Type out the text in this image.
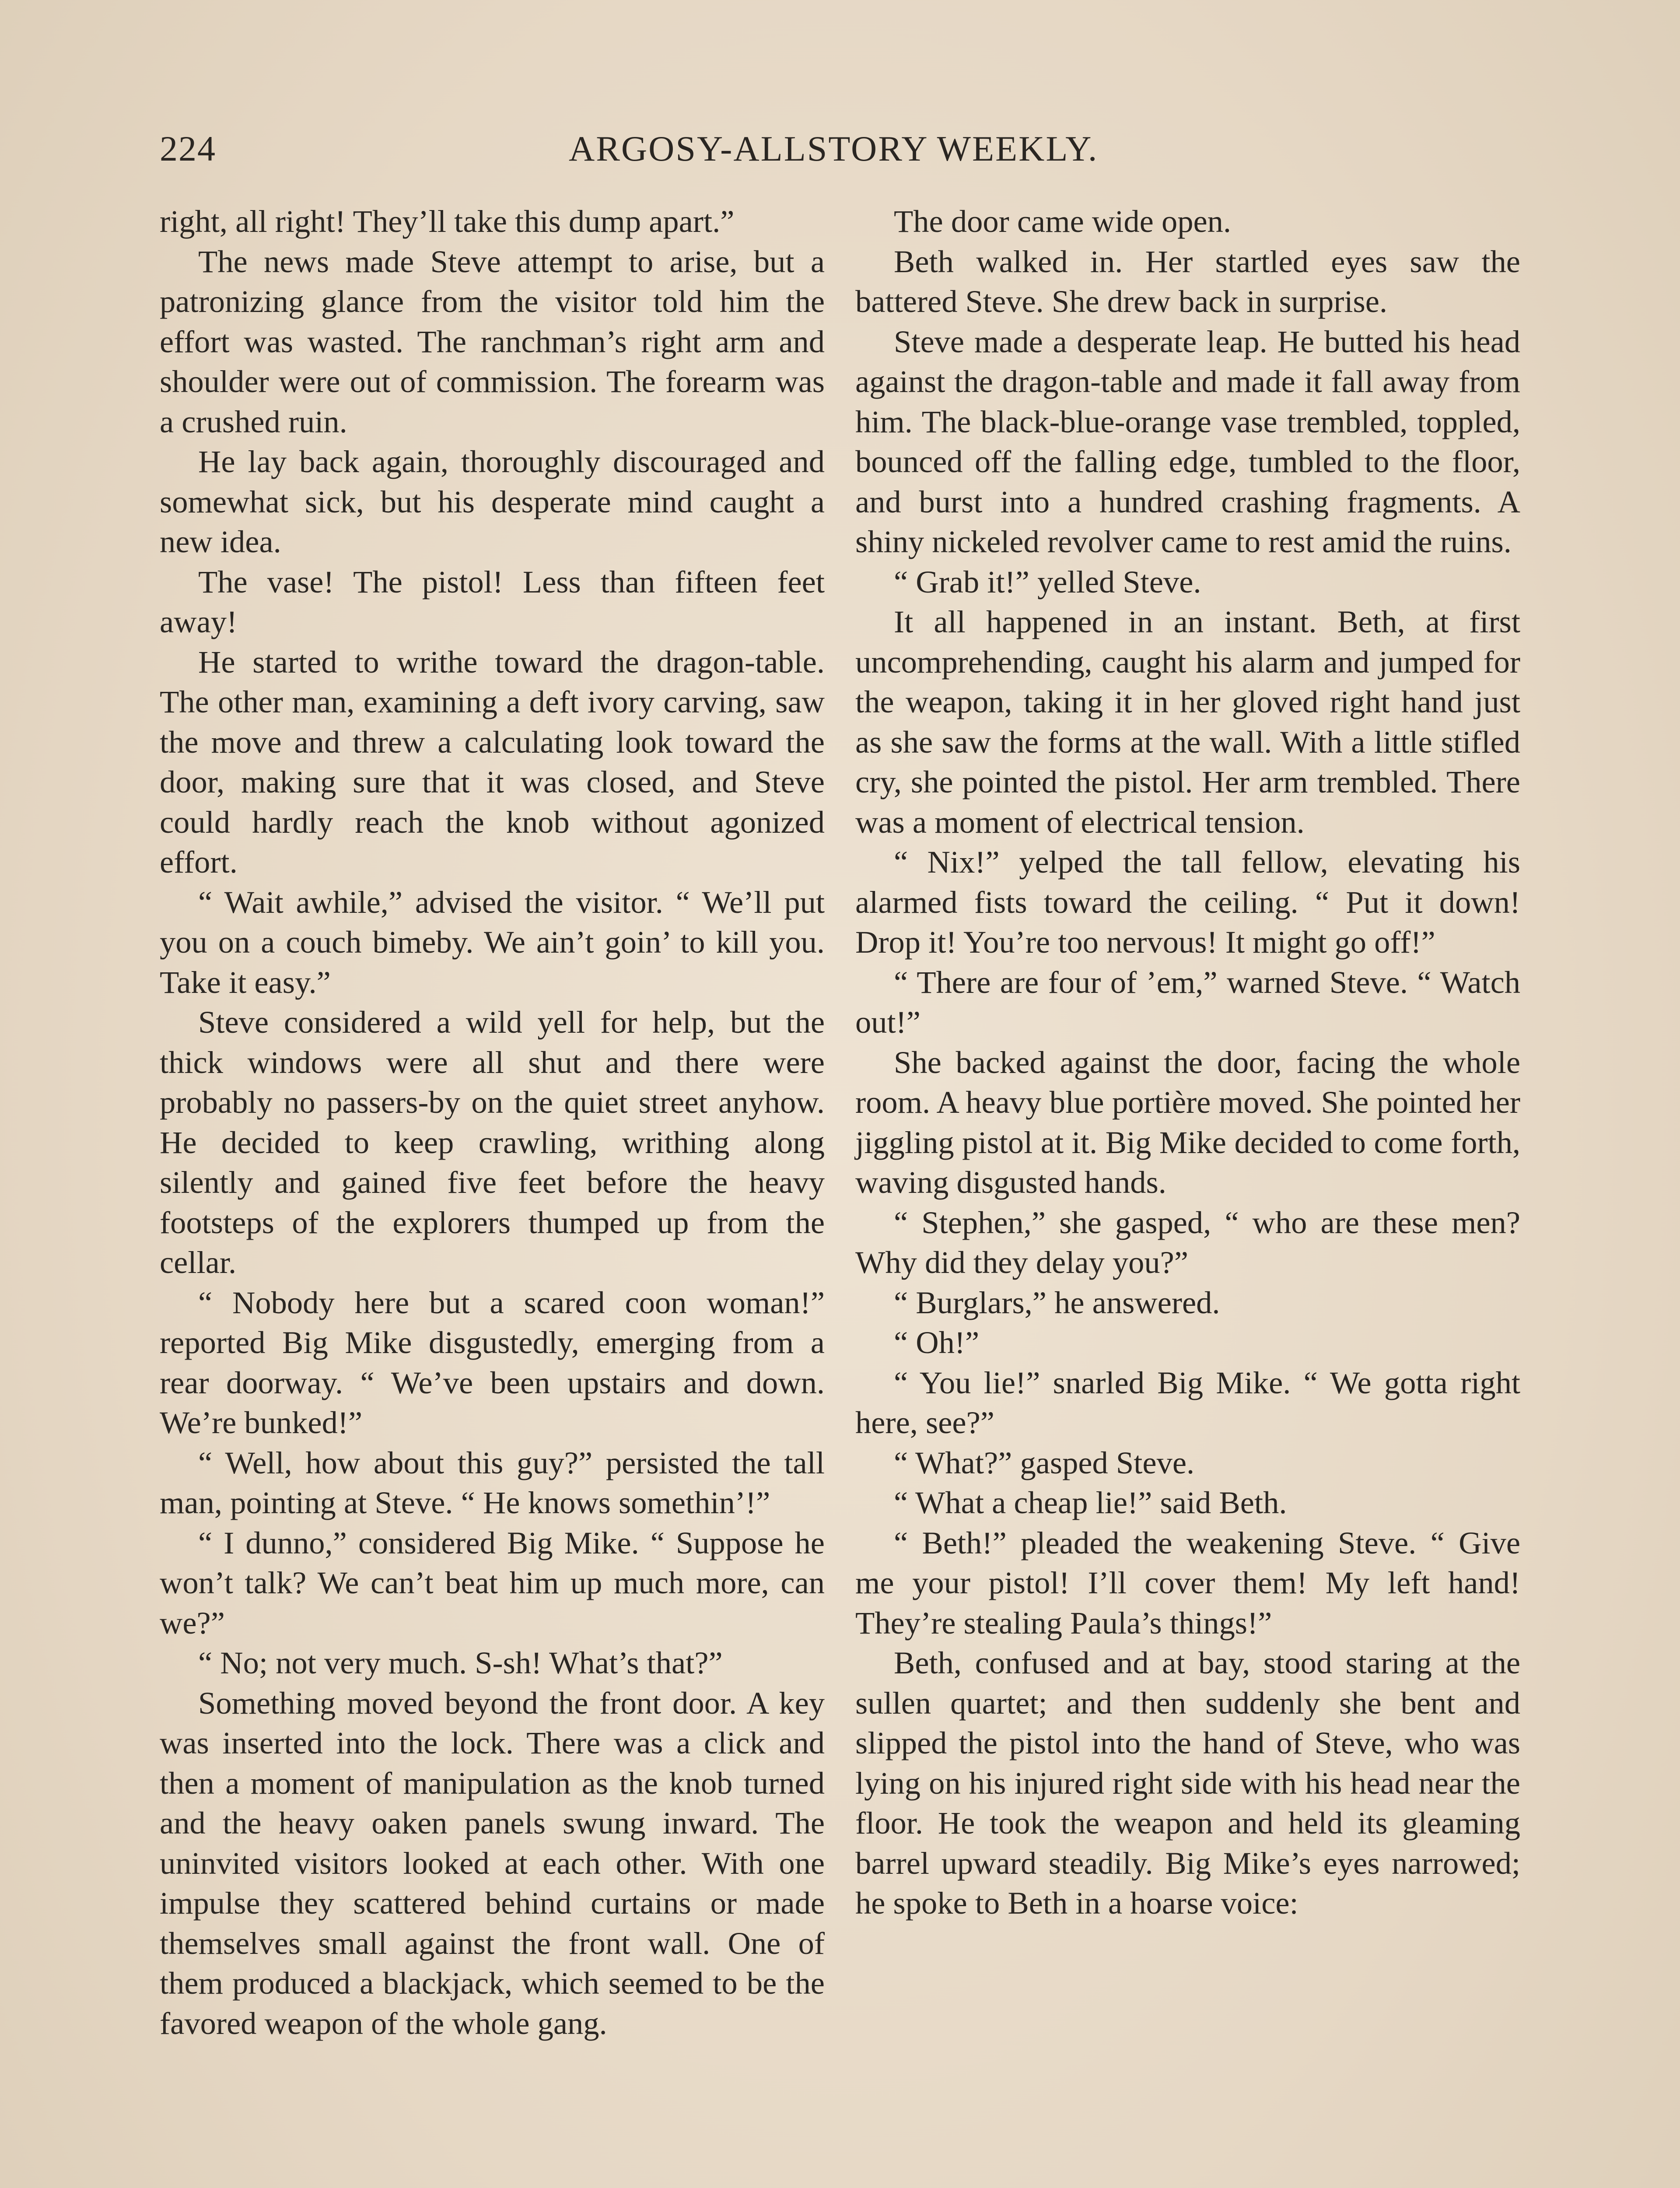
224	ARGOSY-ALLSTORY WEEKLY.

right, all right! They’ll take this dump apart.”

The news made Steve attempt to arise, but a patronizing glance from the visitor told him the effort was wasted. The ranchman’s right arm and shoulder were out of commission. The forearm was a crushed ruin.

He lay back again, thoroughly discouraged and somewhat sick, but his desperate mind caught a new idea.

The vase! The pistol! Less than fifteen feet away!

He started to writhe toward the dragon-table. The other man, examining a deft ivory carving, saw the move and threw a calculating look toward the door, making sure that it was closed, and Steve could hardly reach the knob without agonized effort.

“ Wait awhile,” advised the visitor. “ We’ll put you on a couch bimeby. We ain’t goin’ to kill you. Take it easy.”

Steve considered a wild yell for help, but the thick windows were all shut and there were probably no passers-by on the quiet street anyhow. He decided to keep crawling, writhing along silently and gained five feet before the heavy footsteps of the explorers thumped up from the cellar.

“ Nobody here but a scared coon woman!” reported Big Mike disgustedly, emerging from a rear doorway. “ We’ve been upstairs and down. We’re bunked!”

“ Well, how about this guy?” persisted the tall man, pointing at Steve. “ He knows somethin’!”

“ I dunno,” considered Big Mike. “ Suppose he won’t talk? We can’t beat him up much more, can we?”

“ No; not very much. S-sh! What’s that?”

Something moved beyond the front door. A key was inserted into the lock. There was a click and then a moment of manipulation as the knob turned and the heavy oaken panels swung inward. The uninvited visitors looked at each other. With one impulse they scattered behind curtains or made themselves small against the front wall. One of them produced a blackjack, which seemed to be the favored weapon of the whole gang.

The door came wide open.

Beth walked in. Her startled eyes saw the battered Steve. She drew back in surprise.

Steve made a desperate leap. He butted his head against the dragon-table and made it fall away from him. The black-blue-orange vase trembled, toppled, bounced off the falling edge, tumbled to the floor, and burst into a hundred crashing fragments. A shiny nickeled revolver came to rest amid the ruins.

“ Grab it!” yelled Steve.

It all happened in an instant. Beth, at first uncomprehending, caught his alarm and jumped for the weapon, taking it in her gloved right hand just as she saw the forms at the wall. With a little stifled cry, she pointed the pistol. Her arm trembled. There was a moment of electrical tension.

“ Nix!” yelped the tall fellow, elevating his alarmed fists toward the ceiling. “ Put it down! Drop it! You’re too nervous! It might go off!”

“ There are four of ’em,” warned Steve. “ Watch out!”

She backed against the door, facing the whole room. A heavy blue portière moved. She pointed her jiggling pistol at it. Big Mike decided to come forth, waving disgusted hands.

“ Stephen,” she gasped, “ who are these men? Why did they delay you?”

“ Burglars,” he answered.

“ Oh!”

“ You lie!” snarled Big Mike. “ We gotta right here, see?”

“ What?” gasped Steve.

“ What a cheap lie!” said Beth.

“ Beth!” pleaded the weakening Steve. “ Give me your pistol! I’ll cover them! My left hand! They’re stealing Paula’s things!”

Beth, confused and at bay, stood staring at the sullen quartet; and then suddenly she bent and slipped the pistol into the hand of Steve, who was lying on his injured right side with his head near the floor. He took the weapon and held its gleaming barrel upward steadily. Big Mike’s eyes narrowed; he spoke to Beth in a hoarse voice:
